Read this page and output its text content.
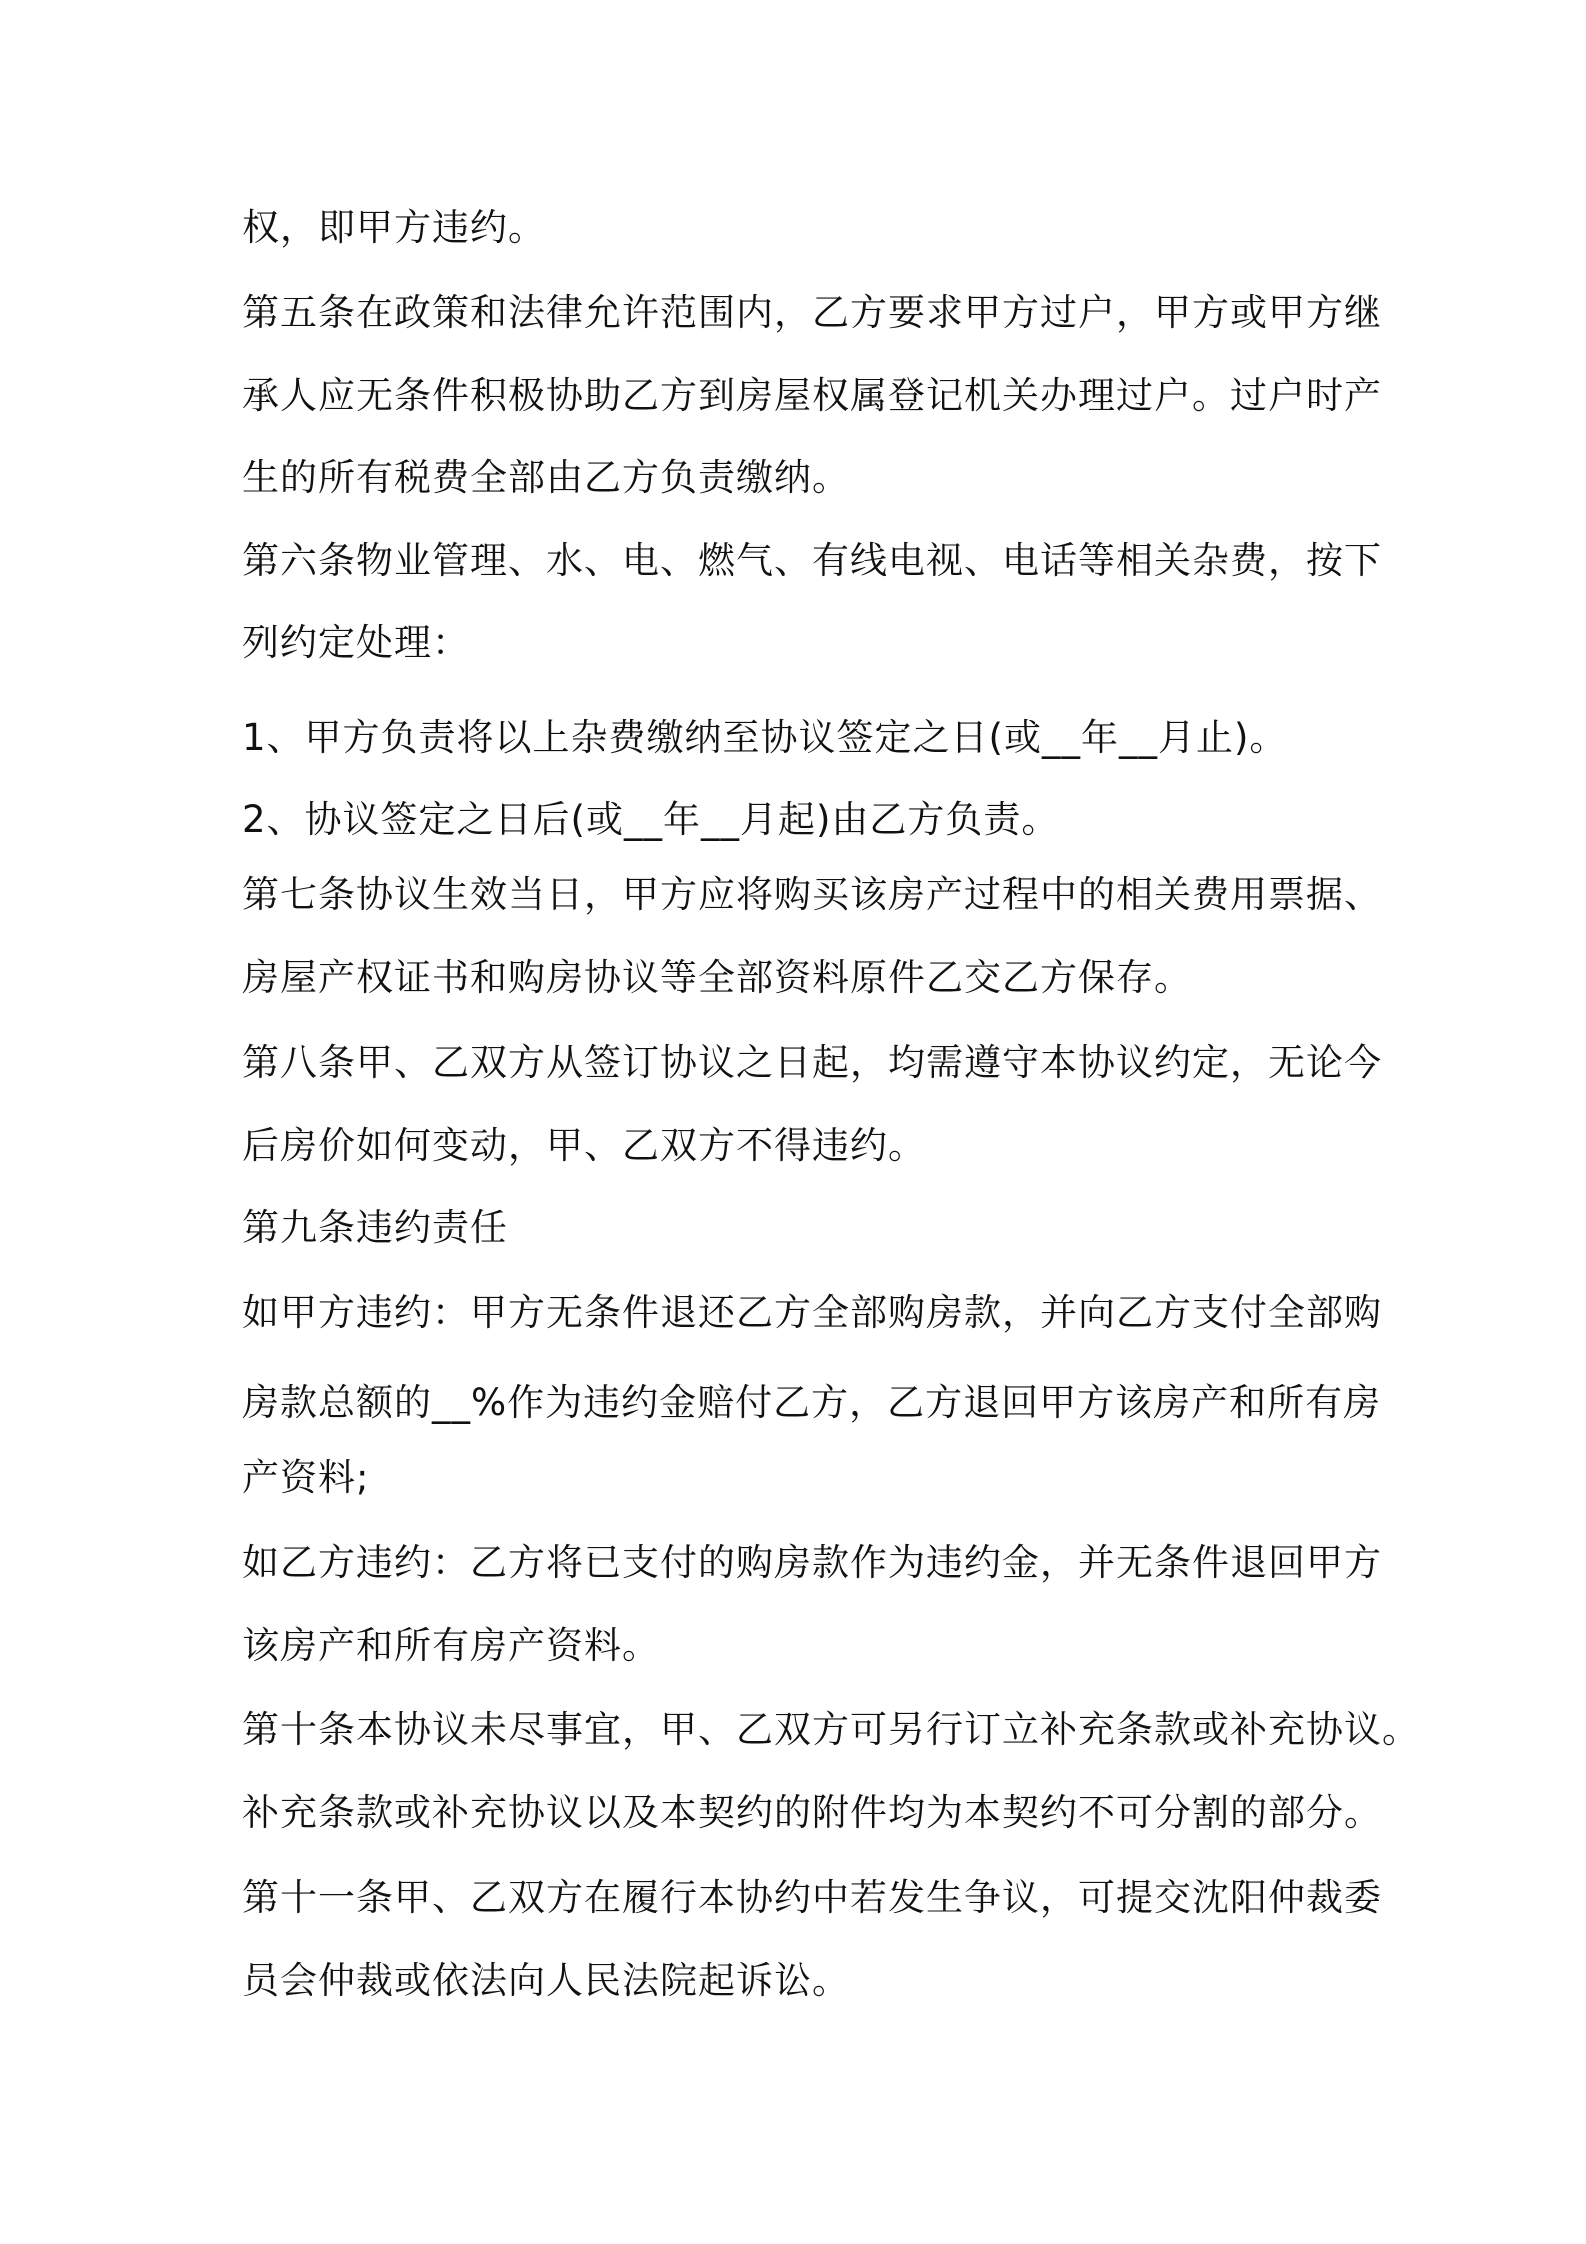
权，即甲方违约。
第五条在政策和法律允许范围内，乙方要求甲方过户，甲方或甲方继
承人应无条件积极协助乙方到房屋权属登记机关办理过户。过户时产
生的所有税费全部由乙方负责缴纳。
第六条物业管理、水、电、燃气、有线电视、电话等相关杂费，按下
列约定处理：
1、甲方负责将以上杂费缴纳至协议签定之日(或__年__月止)。
2、协议签定之日后(或__年__月起)由乙方负责。
第七条协议生效当日，甲方应将购买该房产过程中的相关费用票据、
房屋产权证书和购房协议等全部资料原件乙交乙方保存。
第八条甲、乙双方从签订协议之日起，均需遵守本协议约定，无论今
后房价如何变动，甲、乙双方不得违约。
第九条违约责任
如甲方违约：甲方无条件退还乙方全部购房款，并向乙方支付全部购
房款总额的__%作为违约金赔付乙方，乙方退回甲方该房产和所有房
产资料;
如乙方违约：乙方将已支付的购房款作为违约金，并无条件退回甲方
该房产和所有房产资料。
第十条本协议未尽事宜，甲、乙双方可另行订立补充条款或补充协议。
补充条款或补充协议以及本契约的附件均为本契约不可分割的部分。
第十一条甲、乙双方在履行本协约中若发生争议，可提交沈阳仲裁委
员会仲裁或依法向人民法院起诉讼。
